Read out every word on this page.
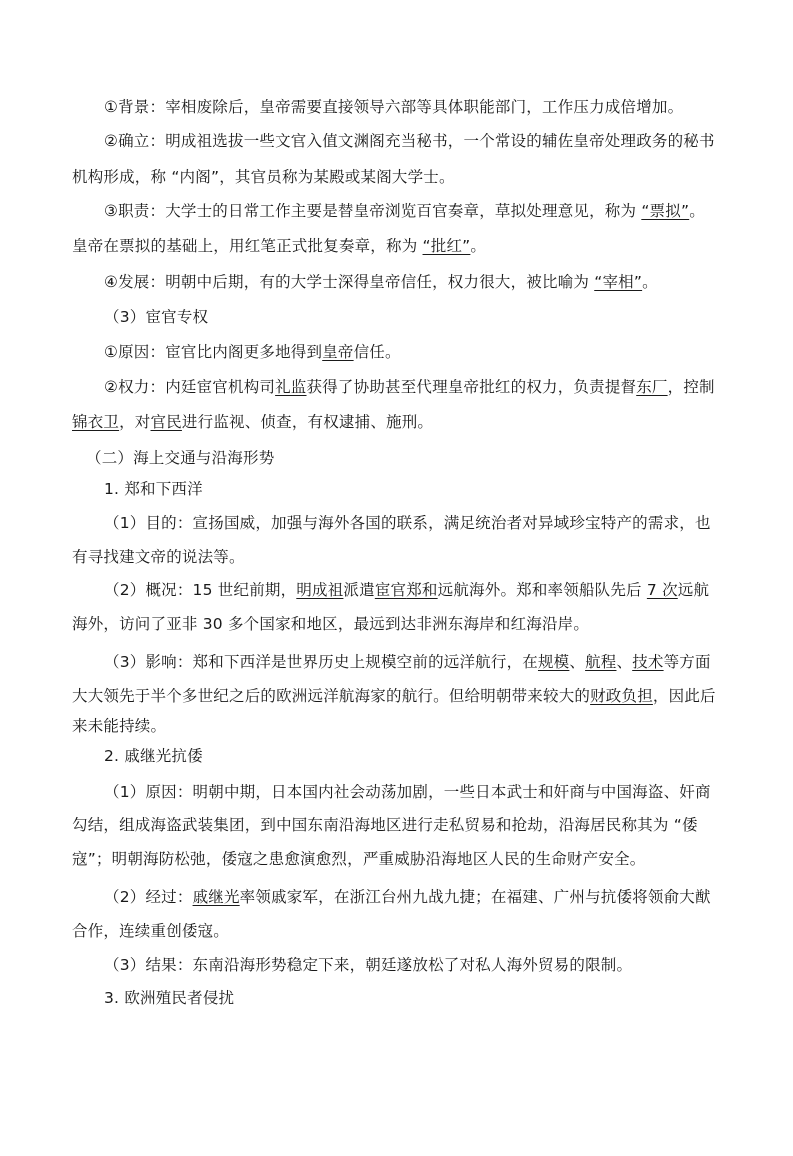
①背景：宰相废除后，皇帝需要直接领导六部等具体职能部门，工作压力成倍增加。
②确立：明成祖选拔一些文官入值文渊阁充当秘书，一个常设的辅佐皇帝处理政务的秘书
机构形成，称 “内阁”，其官员称为某殿或某阁大学士。
③职责：大学士的日常工作主要是替皇帝浏览百官奏章，草拟处理意见，称为 “票拟”。
皇帝在票拟的基础上，用红笔正式批复奏章，称为 “批红”。
④发展：明朝中后期，有的大学士深得皇帝信任，权力很大，被比喻为 “宰相”。
（3）宦官专权
①原因：宦官比内阁更多地得到皇帝信任。
②权力：内廷宦官机构司礼监获得了协助甚至代理皇帝批红的权力，负责提督东厂，控制
锦衣卫，对官民进行监视、侦查，有权逮捕、施刑。
（二）海上交通与沿海形势
1. 郑和下西洋
（1）目的：宣扬国威，加强与海外各国的联系，满足统治者对异域珍宝特产的需求，也
有寻找建文帝的说法等。
（2）概况：15 世纪前期，明成祖派遣宦官郑和远航海外。郑和率领船队先后 7 次远航
海外，访问了亚非 30 多个国家和地区，最远到达非洲东海岸和红海沿岸。
（3）影响：郑和下西洋是世界历史上规模空前的远洋航行，在规模、航程、技术等方面
大大领先于半个多世纪之后的欧洲远洋航海家的航行。但给明朝带来较大的财政负担，因此后
来未能持续。
2. 戚继光抗倭
（1）原因：明朝中期，日本国内社会动荡加剧，一些日本武士和奸商与中国海盗、奸商
勾结，组成海盗武装集团，到中国东南沿海地区进行走私贸易和抢劫，沿海居民称其为 “倭
寇”；明朝海防松弛，倭寇之患愈演愈烈，严重威胁沿海地区人民的生命财产安全。
（2）经过：戚继光率领戚家军，在浙江台州九战九捷；在福建、广州与抗倭将领俞大猷
合作，连续重创倭寇。
（3）结果：东南沿海形势稳定下来，朝廷遂放松了对私人海外贸易的限制。
3. 欧洲殖民者侵扰
